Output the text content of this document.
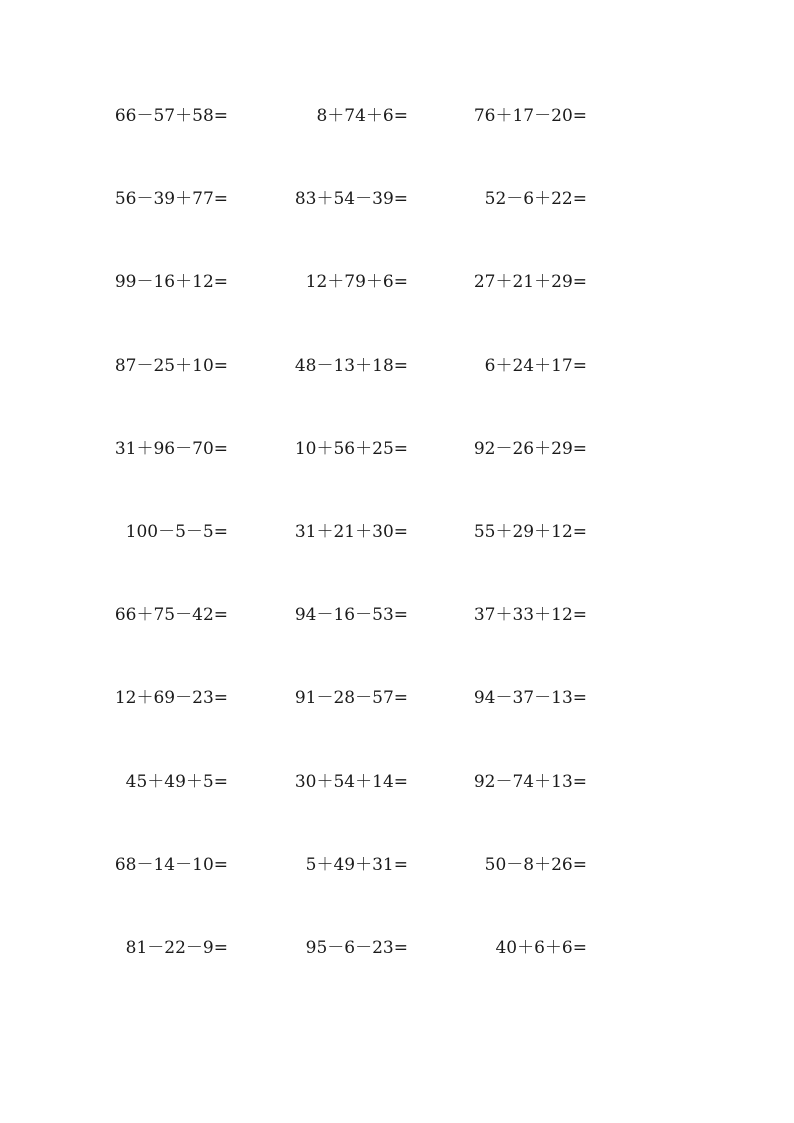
66－57＋58=	8＋74＋6=	76＋17－20=
56－39＋77=	83＋54－39=	52－6＋22=
99－16＋12=	12＋79＋6=	27＋21＋29=
87－25＋10=	48－13＋18=	6＋24＋17=
31＋96－70=	10＋56＋25=	92－26＋29=
100－5－5=	31＋21＋30=	55＋29＋12=
66＋75－42=	94－16－53=	37＋33＋12=
12＋69－23=	91－28－57=	94－37－13=
45＋49＋5=	30＋54＋14=	92－74＋13=
68－14－10=	5＋49＋31=	50－8＋26=
81－22－9=	95－6－23=	40＋6＋6=
